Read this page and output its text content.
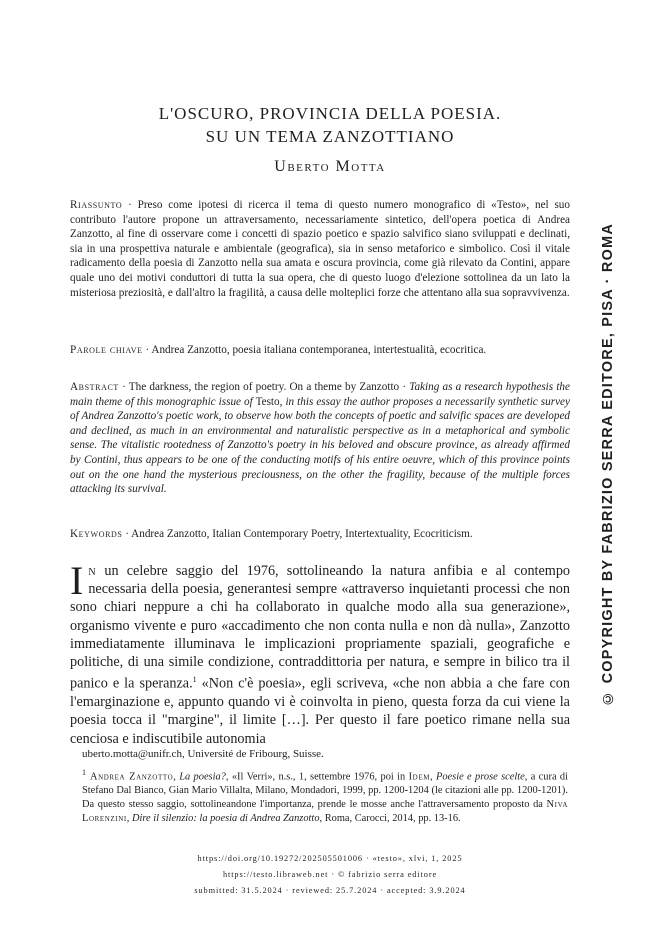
L'OSCURO, PROVINCIA DELLA POESIA.
SU UN TEMA ZANZOTTIANO
Uberto Motta
Riassunto · Preso come ipotesi di ricerca il tema di questo numero monografico di «Testo», nel suo contributo l'autore propone un attraversamento, necessariamente sintetico, dell'opera poetica di Andrea Zanzotto, al fine di osservare come i concetti di spazio poetico e spazio salvifico siano sviluppati e declinati, sia in una prospettiva naturale e ambientale (geografica), sia in senso metaforico e simbolico. Così il vitale radicamento della poesia di Zanzotto nella sua amata e oscura provincia, come già rilevato da Contini, appare quale uno dei motivi conduttori di tutta la sua opera, che di questo luogo d'elezione sottolinea da un lato la misteriosa preziosità, e dall'altro la fragilità, a causa delle molteplici forze che attentano alla sua sopravvivenza.
Parole chiave · Andrea Zanzotto, poesia italiana contemporanea, intertestualità, ecocritica.
Abstract · The darkness, the region of poetry. On a theme by Zanzotto · Taking as a research hypothesis the main theme of this monographic issue of Testo, in this essay the author proposes a necessarily synthetic survey of Andrea Zanzotto's poetic work, to observe how both the concepts of poetic and salvific spaces are developed and declined, as much in an environmental and naturalistic perspective as in a metaphorical and symbolic sense. The vitalistic rootedness of Zanzotto's poetry in his beloved and obscure province, as already affirmed by Contini, thus appears to be one of the conducting motifs of his entire oeuvre, which of this province points out on the one hand the mysterious preciousness, on the other the fragility, because of the multiple forces attacking its survival.
Keywords · Andrea Zanzotto, Italian Contemporary Poetry, Intertextuality, Ecocriticism.
In un celebre saggio del 1976, sottolineando la natura anfibia e al contempo necessaria della poesia, generantesi sempre «attraverso inquietanti processi che non sono chiari neppure a chi ha collaborato in qualche modo alla sua generazione», organismo vivente e puro «accadimento che non conta nulla e non dà nulla», Zanzotto immediatamente illuminava le implicazioni propriamente spaziali, geografiche e politiche, di una simile condizione, contraddittoria per natura, e sempre in bilico tra il panico e la speranza.$^1$ «Non c'è poesia», egli scriveva, «che non abbia a che fare con l'emarginazione e, appunto quando vi è coinvolta in pieno, questa forza da cui viene la poesia tocca il "margine", il limite […]. Per questo il fare poetico rimane nella sua cenciosa e indiscutibile autonomia
uberto.motta@unifr.ch, Université de Fribourg, Suisse.
$^1$ Andrea Zanzotto, La poesia?, «Il Verri», n.s., 1, settembre 1976, poi in Idem, Poesie e prose scelte, a cura di Stefano Dal Bianco, Gian Mario Villalta, Milano, Mondadori, 1999, pp. 1200-1204 (le citazioni alle pp. 1200-1201). Da questo stesso saggio, sottolineandone l'importanza, prende le mosse anche l'attraversamento proposto da Niva Lorenzini, Dire il silenzio: la poesia di Andrea Zanzotto, Roma, Carocci, 2014, pp. 13-16.
https://doi.org/10.19272/202505501006 · «testo», xlvi, 1, 2025
https://testo.libraweb.net · © fabrizio serra editore
submitted: 31.5.2024 · reviewed: 25.7.2024 · accepted: 3.9.2024
© COPYRIGHT BY FABRIZIO SERRA EDITORE, PISA · ROMA
